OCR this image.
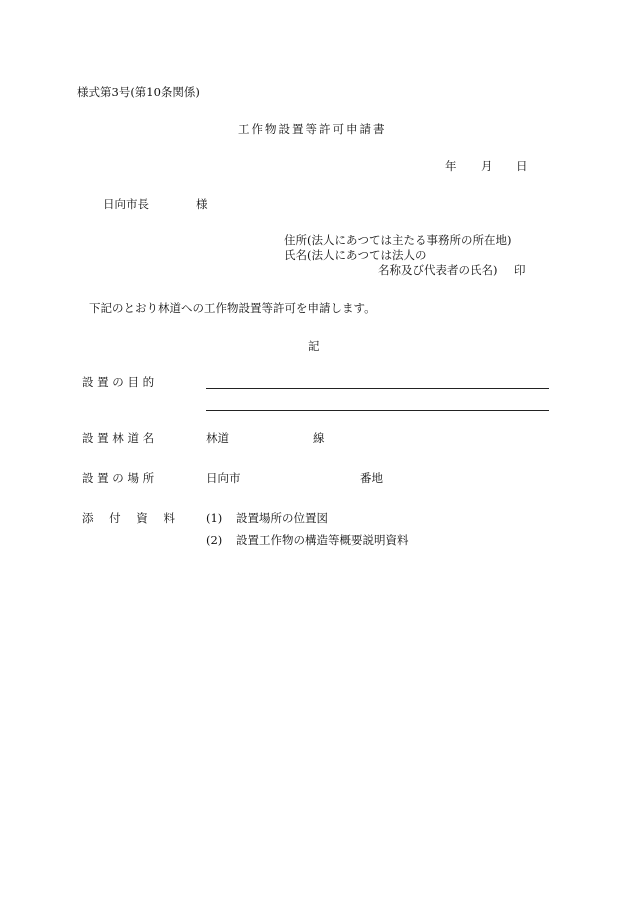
様式第3号(第10条関係)
工作物設置等許可申請書
年 月 日
日向市長	様
住所(法人にあつては主たる事務所の所在地)
氏名(法人にあつては法人の
名称及び代表者の氏名) 印
下記のとおり林道への工作物設置等許可を申請します。
記
設 置 の 目 的
設 置 林 道 名	林道	線
設 置 の 場 所	日向市	番地
添 付 資 料 (1) 設置場所の位置図
(2) 設置工作物の構造等概要説明資料
